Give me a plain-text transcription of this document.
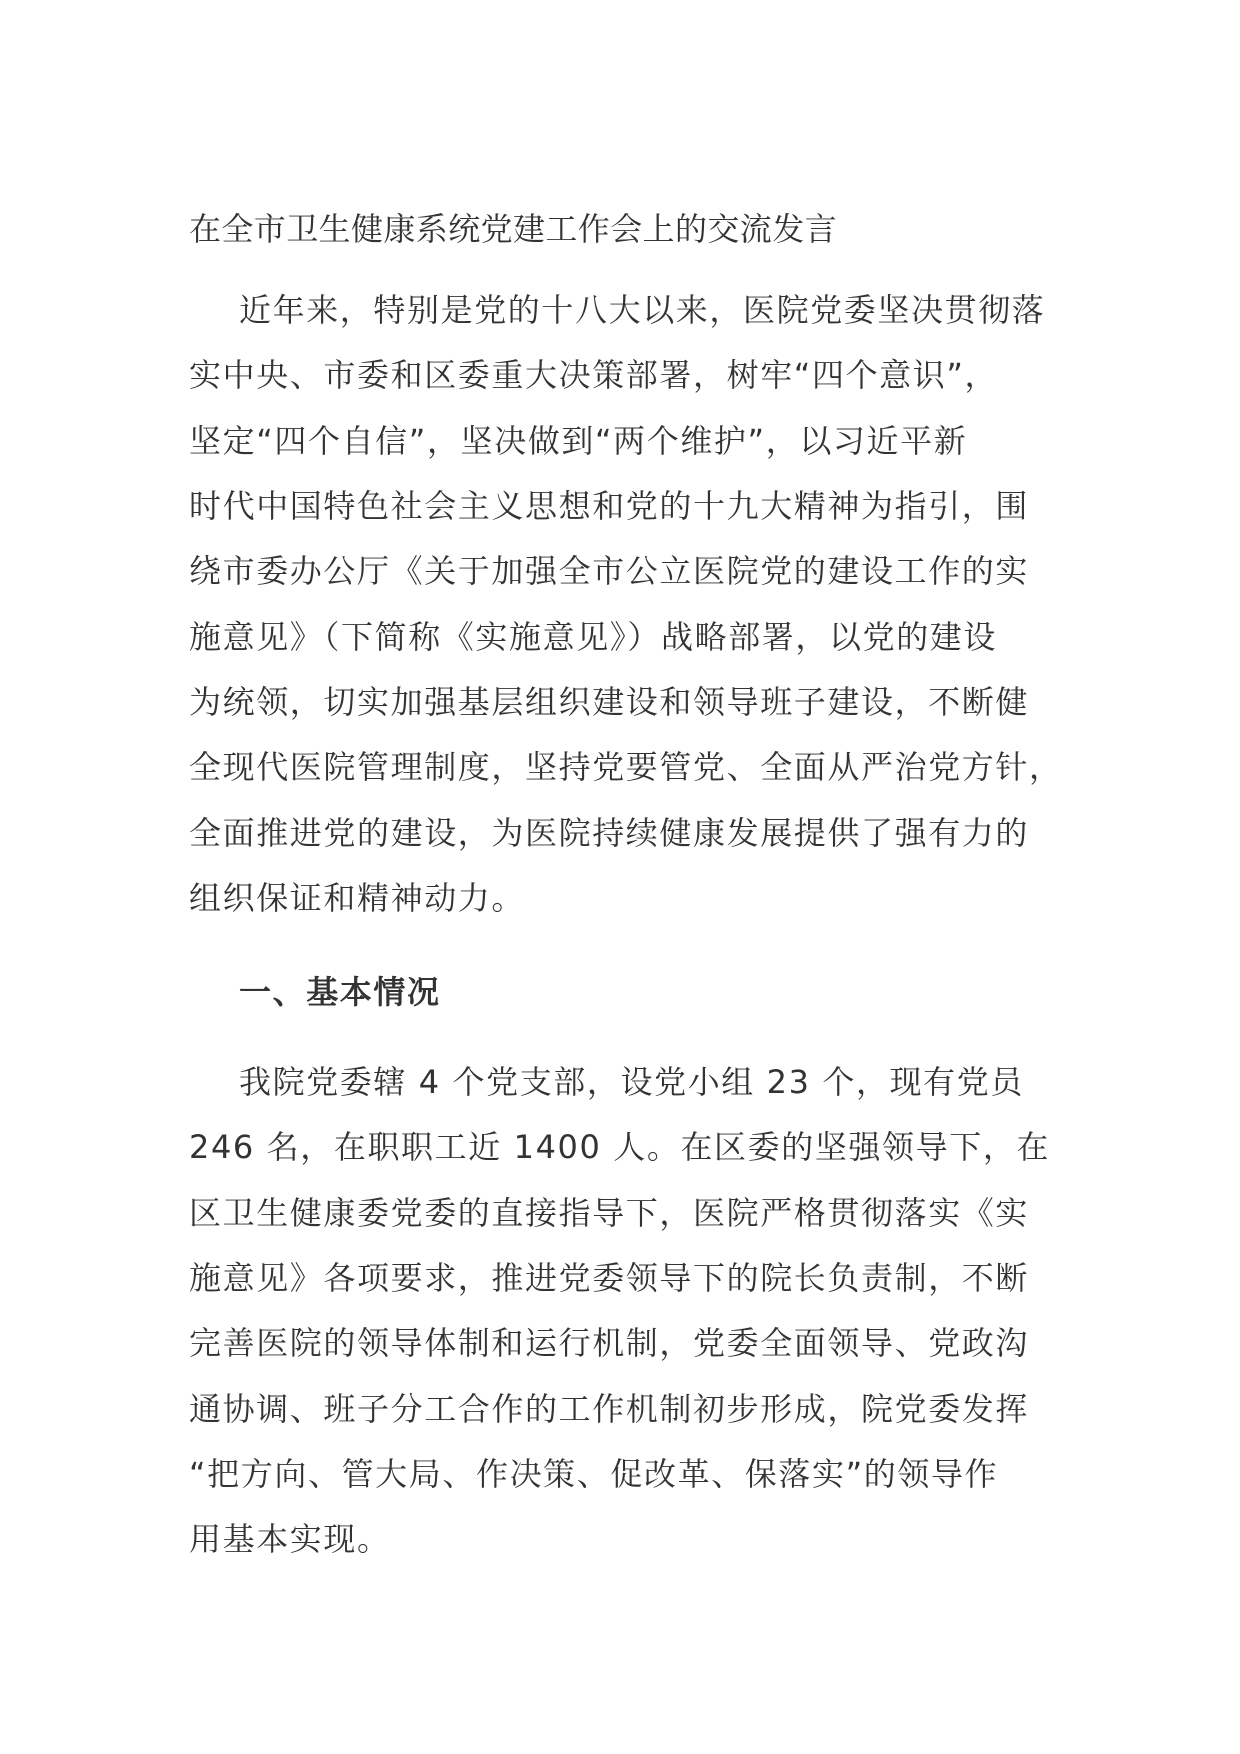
在全市卫生健康系统党建工作会上的交流发言
近年来，特别是党的十八大以来，医院党委坚决贯彻落
实中央、市委和区委重大决策部署，树牢“四个意识”，
坚定“四个自信”，坚决做到“两个维护”，以习近平新
时代中国特色社会主义思想和党的十九大精神为指引，围
绕市委办公厅《关于加强全市公立医院党的建设工作的实
施意见》（下简称《实施意见》）战略部署，以党的建设
为统领，切实加强基层组织建设和领导班子建设，不断健
全现代医院管理制度，坚持党要管党、全面从严治党方针，
全面推进党的建设，为医院持续健康发展提供了强有力的
组织保证和精神动力。
一、基本情况
我院党委辖 4 个党支部，设党小组 23 个，现有党员
246 名，在职职工近 1400 人。在区委的坚强领导下，在
区卫生健康委党委的直接指导下，医院严格贯彻落实《实
施意见》各项要求，推进党委领导下的院长负责制，不断
完善医院的领导体制和运行机制，党委全面领导、党政沟
通协调、班子分工合作的工作机制初步形成，院党委发挥
“把方向、管大局、作决策、促改革、保落实”的领导作
用基本实现。
